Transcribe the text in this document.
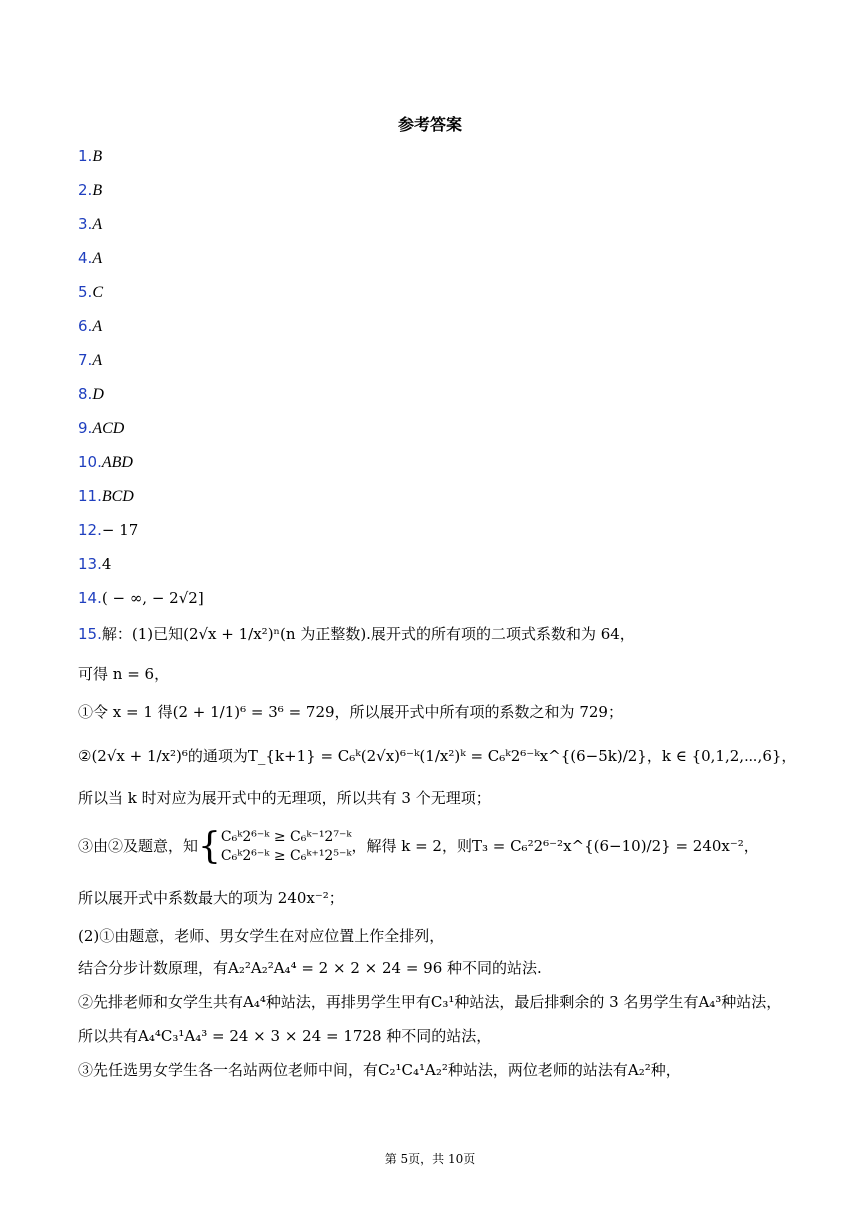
参考答案
1.B
2.B
3.A
4.A
5.C
6.A
7.A
8.D
9.ACD
10.ABD
11.BCD
12.− 17
13.4
14.( − ∞, − 2√2]
15.解：(1)已知(2√x + 1/x²)ⁿ(n 为正整数).展开式的所有项的二项式系数和为 64，
可得 n = 6，
①令 x = 1 得(2 + 1/1)⁶ = 3⁶ = 729，所以展开式中所有项的系数之和为 729；
②(2√x + 1/x²)⁶的通项为T_{k+1} = C₆ᵏ(2√x)⁶⁻ᵏ(1/x²)ᵏ = C₆ᵏ2⁶⁻ᵏx^{(6−5k)/2}，k ∈ {0,1,2,⋯,6}，
所以当 k 时对应为展开式中的无理项，所以共有 3 个无理项；
③由②及题意，知{ C₆ᵏ2⁶⁻ᵏ ≥ C₆ᵏ⁻¹2⁷⁻ᵏ
C₆ᵏ2⁶⁻ᵏ ≥ C₆ᵏ⁺¹2⁵⁻ᵏ
，解得 k = 2，则T₃ = C₆²2⁶⁻²x^{(6−10)/2} = 240x⁻²，
所以展开式中系数最大的项为 240x⁻²；
(2)①由题意，老师、男女学生在对应位置上作全排列，
结合分步计数原理，有A₂²A₂²A₄⁴ = 2 × 2 × 24 = 96 种不同的站法.
②先排老师和女学生共有A₄⁴种站法，再排男学生甲有C₃¹种站法，最后排剩余的 3 名男学生有A₄³种站法，
所以共有A₄⁴C₃¹A₄³ = 24 × 3 × 24 = 1728 种不同的站法，
③先任选男女学生各一名站两位老师中间，有C₂¹C₄¹A₂²种站法，两位老师的站法有A₂²种，
第 5页，共 10页
